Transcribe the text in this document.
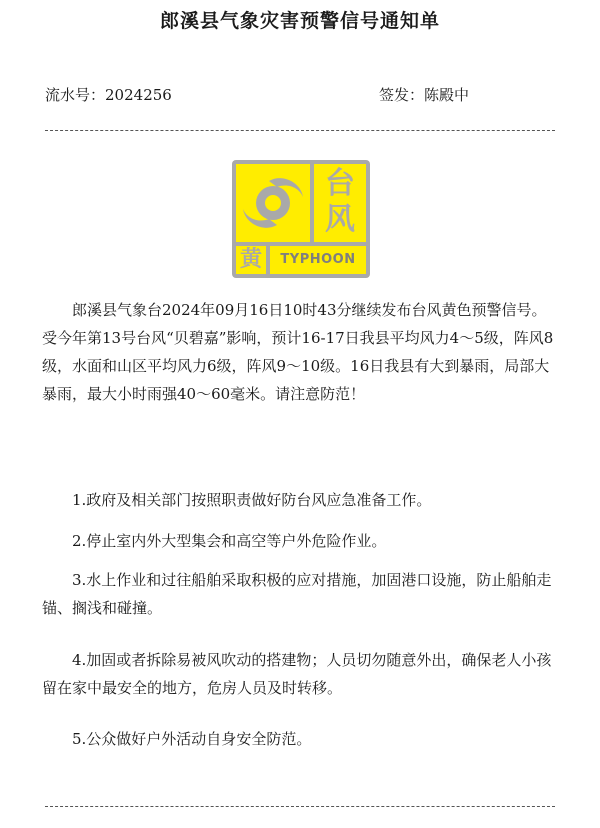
郎溪县气象灾害预警信号通知单
流水号：2024256	签发：陈殿中
台
风
黄	TYPHOON
郎溪县气象台2024年09月16日10时43分继续发布台风黄色预警信号。受今年第13号台风“贝碧嘉”影响，预计16-17日我县平均风力4～5级，阵风8级，水面和山区平均风力6级，阵风9～10级。16日我县有大到暴雨，局部大暴雨，最大小时雨强40～60毫米。请注意防范！
1.政府及相关部门按照职责做好防台风应急准备工作。
2.停止室内外大型集会和高空等户外危险作业。
3.水上作业和过往船舶采取积极的应对措施，加固港口设施，防止船舶走锚、搁浅和碰撞。
4.加固或者拆除易被风吹动的搭建物；人员切勿随意外出，确保老人小孩留在家中最安全的地方，危房人员及时转移。
5.公众做好户外活动自身安全防范。
